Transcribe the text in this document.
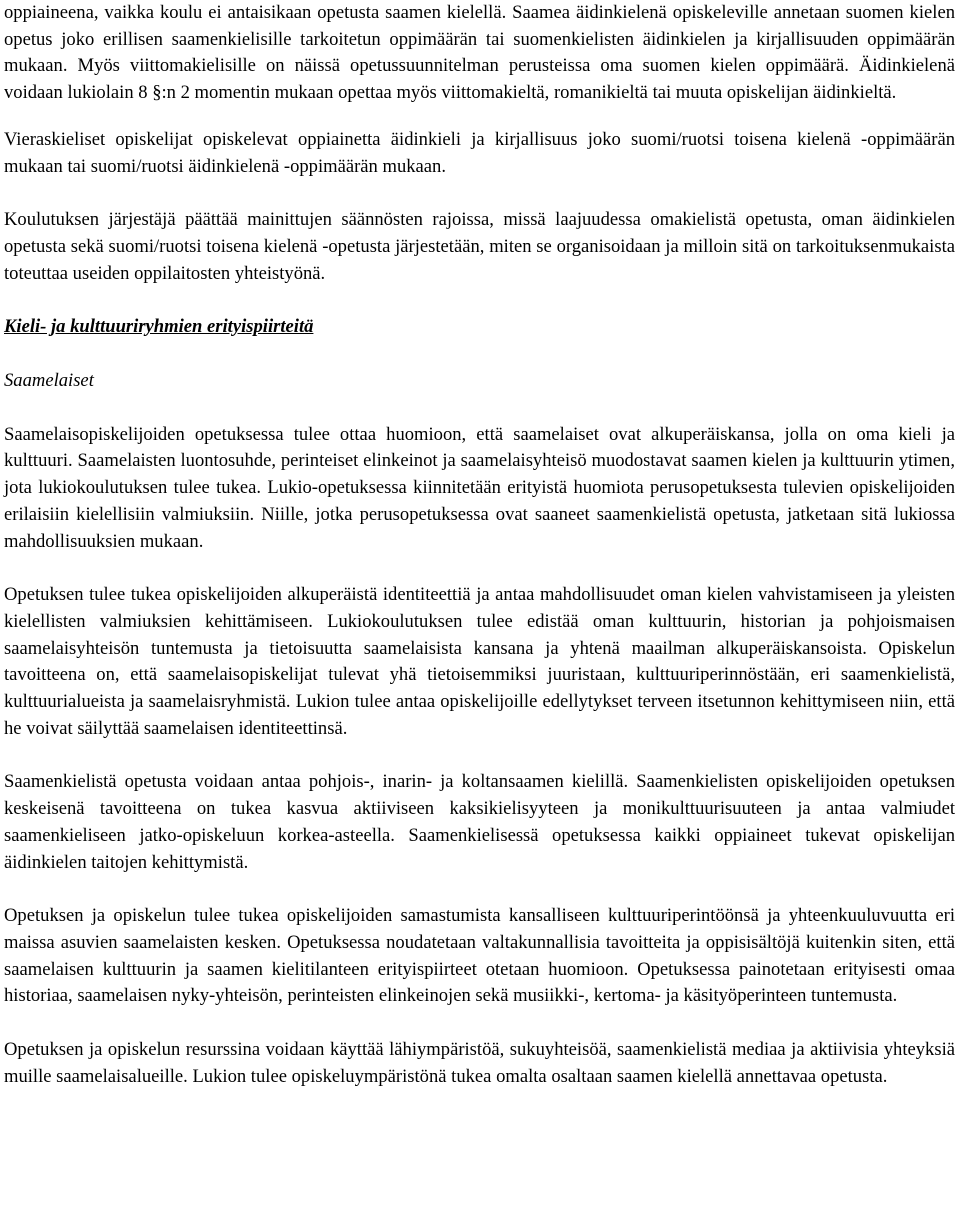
oppiaineena, vaikka koulu ei antaisikaan opetusta saamen kielellä. Saamea äidinkielenä opiskeleville annetaan suomen kielen opetus joko erillisen saamenkielisille tarkoitetun oppimäärän tai suomenkielisten äidinkielen ja kirjallisuuden oppimäärän mukaan. Myös viittomakielisille on näissä opetussuunnitelman perusteissa oma suomen kielen oppimäärä. Äidinkielenä voidaan lukiolain 8 §:n 2 momentin mukaan opettaa myös viittomakieltä, romanikieltä tai muuta opiskelijan äidinkieltä.

Vieraskieliset opiskelijat opiskelevat oppiainetta äidinkieli ja kirjallisuus joko suomi/ruotsi toisena kielenä -oppimäärän mukaan tai suomi/ruotsi äidinkielenä -oppimäärän mukaan.

Koulutuksen järjestäjä päättää mainittujen säännösten rajoissa, missä laajuudessa omakielistä opetusta, oman äidinkielen opetusta sekä suomi/ruotsi toisena kielenä -opetusta järjestetään, miten se organisoidaan ja milloin sitä on tarkoituksenmukaista toteuttaa useiden oppilaitosten yhteistyönä.

Kieli- ja kulttuuriryhmien erityispiirteitä
Saamelaiset

Saamelaisopiskelijoiden opetuksessa tulee ottaa huomioon, että saamelaiset ovat alkuperäiskansa, jolla on oma kieli ja kulttuuri. Saamelaisten luontosuhde, perinteiset elinkeinot ja saamelaisyhteisö muodostavat saamen kielen ja kulttuurin ytimen, jota lukiokoulutuksen tulee tukea. Lukio-opetuksessa kiinnitetään erityistä huomiota perusopetuksesta tulevien opiskelijoiden erilaisiin kielellisiin valmiuksiin. Niille, jotka perusopetuksessa ovat saaneet saamenkielistä opetusta, jatketaan sitä lukiossa mahdollisuuksien mukaan.

Opetuksen tulee tukea opiskelijoiden alkuperäistä identiteettiä ja antaa mahdollisuudet oman kielen vahvistamiseen ja yleisten kielellisten valmiuksien kehittämiseen. Lukiokoulutuksen tulee edistää oman kulttuurin, historian ja pohjoismaisen saamelaisyhteisön tuntemusta ja tietoisuutta saamelaisista kansana ja yhtenä maailman alkuperäiskansoista. Opiskelun tavoitteena on, että saamelaisopiskelijat tulevat yhä tietoisemmiksi juuristaan, kulttuuriperinnöstään, eri saamenkielistä, kulttuurialueista ja saamelaisryhmistä. Lukion tulee antaa opiskelijoille edellytykset terveen itsetunnon kehittymiseen niin, että he voivat säilyttää saamelaisen identiteettinsä.

Saamenkielistä opetusta voidaan antaa pohjois-, inarin- ja koltansaamen kielillä. Saamenkielisten opiskelijoiden opetuksen keskeisenä tavoitteena on tukea kasvua aktiiviseen kaksikielisyyteen ja monikulttuurisuuteen ja antaa valmiudet saamenkieliseen jatko-opiskeluun korkea-asteella. Saamenkielisessä opetuksessa kaikki oppiaineet tukevat opiskelijan äidinkielen taitojen kehittymistä.

Opetuksen ja opiskelun tulee tukea opiskelijoiden samastumista kansalliseen kulttuuriperintöönsä ja yhteenkuuluvuutta eri maissa asuvien saamelaisten kesken. Opetuksessa noudatetaan valtakunnallisia tavoitteita ja oppisisältöjä kuitenkin siten, että saamelaisen kulttuurin ja saamen kielitilanteen erityispiirteet otetaan huomioon. Opetuksessa painotetaan erityisesti omaa historiaa, saamelaisen nyky-yhteisön, perinteisten elinkeinojen sekä musiikki-, kertoma- ja käsityöperinteen tuntemusta.

Opetuksen ja opiskelun resurssina voidaan käyttää lähiympäristöä, sukuyhteisöä, saamenkielistä mediaa ja aktiivisia yhteyksiä muille saamelaisalueille. Lukion tulee opiskeluympäristönä tukea omalta osaltaan saamen kielellä annettavaa opetusta.
